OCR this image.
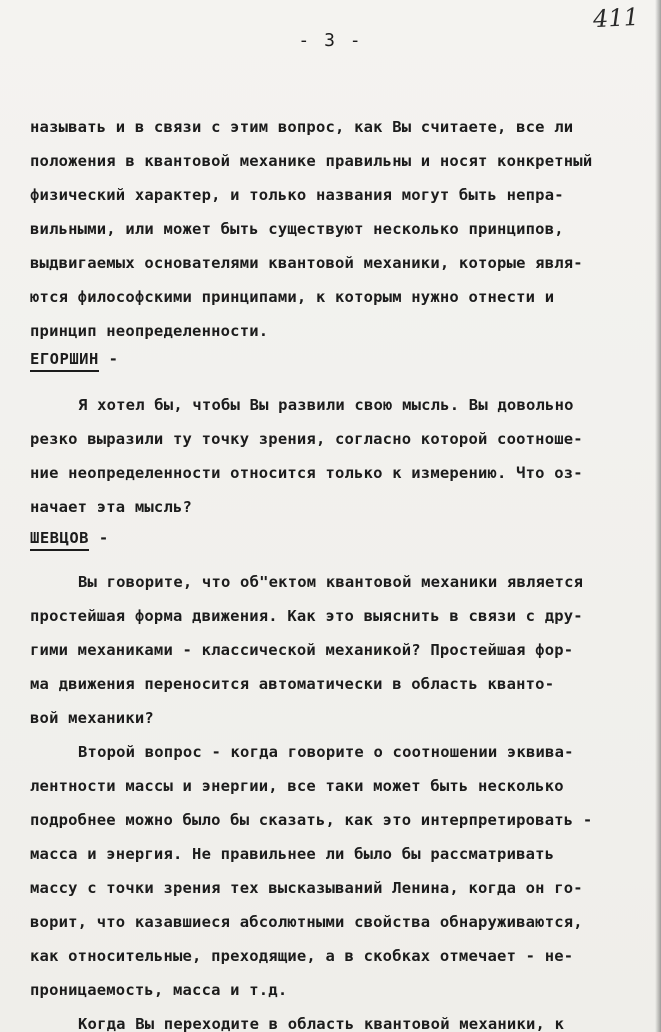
411
- 3 -
называть и в связи с этим вопрос, как Вы считаете, все ли
положения в квантовой механике правильны и носят конкретный
физический характер, и только названия могут быть непра-
вильными, или может быть существуют несколько принципов,
выдвигаемых основателями квантовой механики, которые явля-
ются философскими принципами, к которым нужно отнести и
принцип неопределенности.
ЕГОРШИН -
Я хотел бы, чтобы Вы развили свою мысль. Вы довольно
резко выразили ту точку зрения, согласно которой соотноше-
ние неопределенности относится только к измерению. Что оз-
начает эта мысль?
ШЕВЦОВ -
Вы говорите, что об"ектом квантовой механики является
простейшая форма движения. Как это выяснить в связи с дру-
гими механиками - классической механикой? Простейшая фор-
ма движения переносится автоматически в область кванто-
вой механики?
Второй вопрос - когда говорите о соотношении эквива-
лентности массы и энергии, все таки может быть несколько
подробнее можно было бы сказать, как это интерпретировать -
масса и энергия. Не правильнее ли было бы рассматривать
массу с точки зрения тех высказываний Ленина, когда он го-
ворит, что казавшиеся абсолютными свойства обнаруживаются,
как относительные, преходящие, а в скобках отмечает - не-
проницаемость, масса и т.д.
Когда Вы переходите в область квантовой механики, к
